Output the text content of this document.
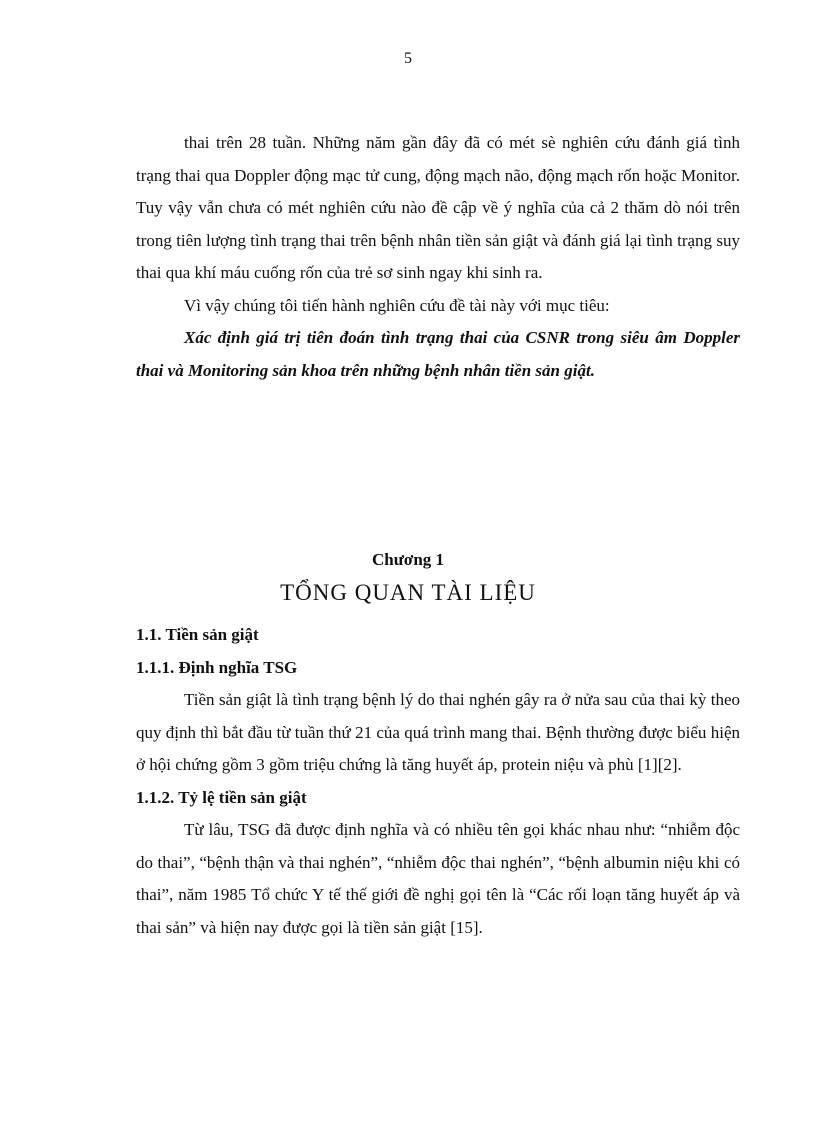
5

thai trên 28 tuần. Những năm gần đây đã có mét sè nghiên cứu đánh giá tình trạng thai qua Doppler động mạc tử cung, động mạch não, động mạch rốn hoặc Monitor. Tuy vậy vẫn chưa có mét nghiên cứu nào đề cập về ý nghĩa của cả 2 thăm dò nói trên trong tiên lượng tình trạng thai trên bệnh nhân tiền sản giật và đánh giá lại tình trạng suy thai qua khí máu cuống rốn của trẻ sơ sinh ngay khi sinh ra.

Vì vậy chúng tôi tiến hành nghiên cứu đề tài này với mục tiêu:

Xác định giá trị tiên đoán tình trạng thai của CSNR trong siêu âm Doppler thai và Monitoring sản khoa trên những bệnh nhân tiền sản giật.

Chương 1
TỔNG QUAN TÀI LIỆU

1.1. Tiền sản giật

1.1.1. Định nghĩa TSG

Tiền sản giật là tình trạng bệnh lý do thai nghén gây ra ở nửa sau của thai kỳ theo quy định thì bắt đầu từ tuần thứ 21 của quá trình mang thai. Bệnh thường được biểu hiện ở hội chứng gồm 3 gồm triệu chứng là tăng huyết áp, protein niệu và phù [1][2].

1.1.2. Tỷ lệ tiền sản giật

Từ lâu, TSG đã được định nghĩa và có nhiều tên gọi khác nhau như: “nhiễm độc do thai”, “bệnh thận và thai nghén”, “nhiễm độc thai nghén”, “bệnh albumin niệu khi có thai”, năm 1985 Tổ chức Y tế thế giới đề nghị gọi tên là “Các rối loạn tăng huyết áp và thai sản” và hiện nay được gọi là tiền sản giật [15].
